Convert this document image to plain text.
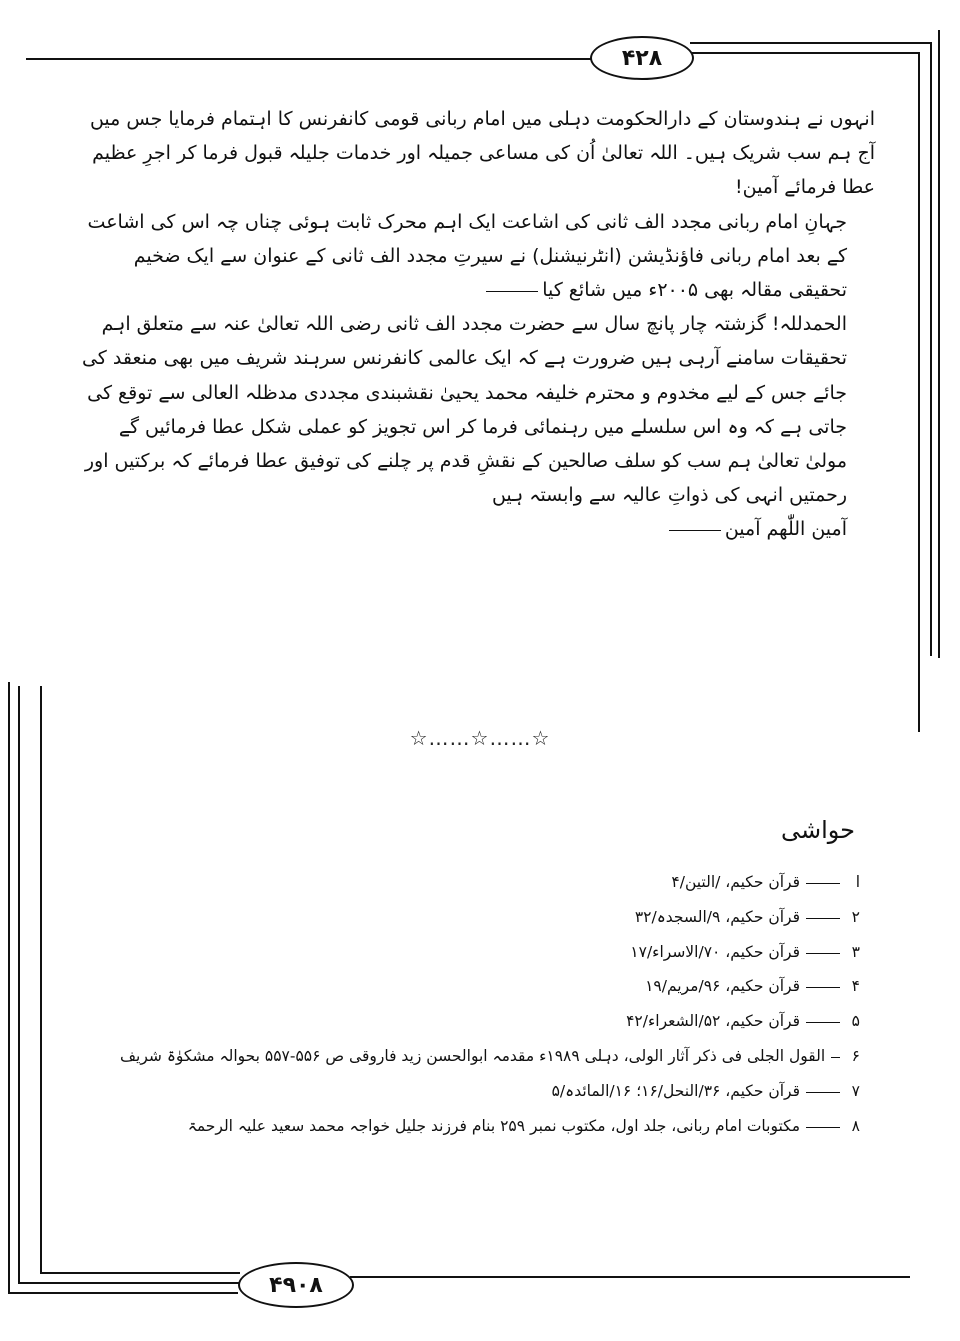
۴۲۸
۴۹۰۸

انہوں نے ہندوستان کے دارالحکومت دہلی میں امام ربانی قومی کانفرنس کا اہتمام فرمایا جس میں آج ہم سب شریک ہیں۔ اللہ تعالیٰ اُن کی مساعی جمیلہ اور خدمات جلیلہ قبول فرما کر اجرِ عظیم عطا فرمائے آمین!

جہانِ امام ربانی مجدد الف ثانی کی اشاعت ایک اہم محرک ثابت ہوئی چناں چہ اس کی اشاعت کے بعد امام ربانی فاؤنڈیشن (انٹرنیشنل) نے سیرتِ مجدد الف ثانی کے عنوان سے ایک ضخیم تحقیقی مقالہ بھی ۲۰۰۵ء میں شائع کیا

الحمدللہ! گزشتہ چار پانچ سال سے حضرت مجدد الف ثانی رضی اللہ تعالیٰ عنہ سے متعلق اہم تحقیقات سامنے آرہی ہیں ضرورت ہے کہ ایک عالمی کانفرنس سرہند شریف میں بھی منعقد کی جائے جس کے لیے مخدوم و محترم خلیفہ محمد یحییٰ نقشبندی مجددی مدظلہ العالی سے توقع کی جاتی ہے کہ وہ اس سلسلے میں رہنمائی فرما کر اس تجویز کو عملی شکل عطا فرمائیں گے مولیٰ تعالیٰ ہم سب کو سلف صالحین کے نقشِ قدم پر چلنے کی توفیق عطا فرمائے کہ برکتیں اور رحمتیں انہی کی ذواتِ عالیہ سے وابستہ ہیں

آمین اللّٰھم آمین

☆……☆……☆
حواشی
ا
قرآن حکیم، /التین/۴
۲
قرآن حکیم، ۹/السجدہ/۳۲
۳
قرآن حکیم، ۷۰/الاسراء/۱۷
۴
قرآن حکیم، ۹۶/مریم/۱۹
۵
قرآن حکیم، ۵۲/الشعراء/۴۲
۶
القول الجلی فی ذکر آثار الولی، دہلی ۱۹۸۹ء مقدمہ ابوالحسن زید فاروقی ص ۵۵۶-۵۵۷ بحوالہ مشکوٰۃ شریف
۷
قرآن حکیم، ۳۶/النحل/۱۶؛ ۱۶/المائدہ/۵
۸
مکتوبات امام ربانی، جلد اول، مکتوب نمبر ۲۵۹ بنام فرزند جلیل خواجہ محمد سعید علیہ الرحمۃ
